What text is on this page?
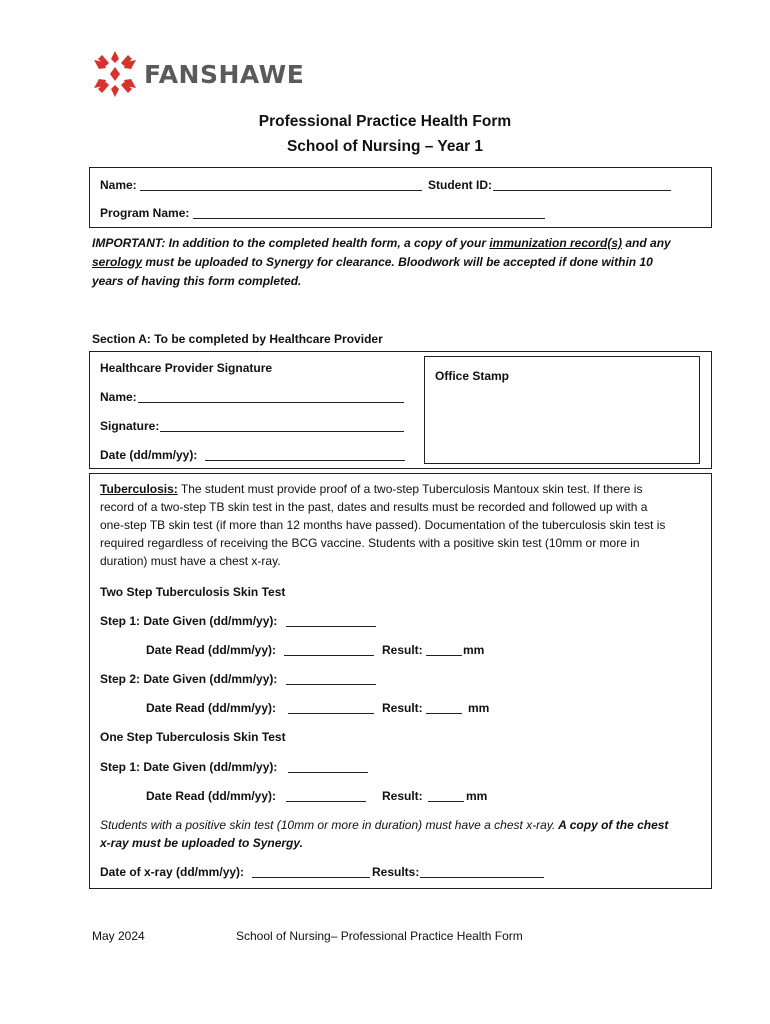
FANSHAWE
Professional Practice Health Form
School of Nursing – Year 1
Name:	Student ID:
Program Name:
IMPORTANT: In addition to the completed health form, a copy of your immunization record(s) and any
serology must be uploaded to Synergy for clearance. Bloodwork will be accepted if done within 10
years of having this form completed.
Section A: To be completed by Healthcare Provider
Healthcare Provider Signature
Name:
Signature:
Date (dd/mm/yy):
Office Stamp
Tuberculosis: The student must provide proof of a two-step Tuberculosis Mantoux skin test. If there is
record of a two-step TB skin test in the past, dates and results must be recorded and followed up with a
one-step TB skin test (if more than 12 months have passed). Documentation of the tuberculosis skin test is
required regardless of receiving the BCG vaccine. Students with a positive skin test (10mm or more in
duration) must have a chest x-ray.
Two Step Tuberculosis Skin Test
Step 1: Date Given (dd/mm/yy):
Date Read (dd/mm/yy):	Result:	mm
Step 2: Date Given (dd/mm/yy):
Date Read (dd/mm/yy):	Result:	mm
One Step Tuberculosis Skin Test
Step 1: Date Given (dd/mm/yy):
Date Read (dd/mm/yy):	Result:	mm
Students with a positive skin test (10mm or more in duration) must have a chest x-ray. A copy of the chest
x-ray must be uploaded to Synergy.
Date of x-ray (dd/mm/yy):	Results:
May 2024	School of Nursing– Professional Practice Health Form
